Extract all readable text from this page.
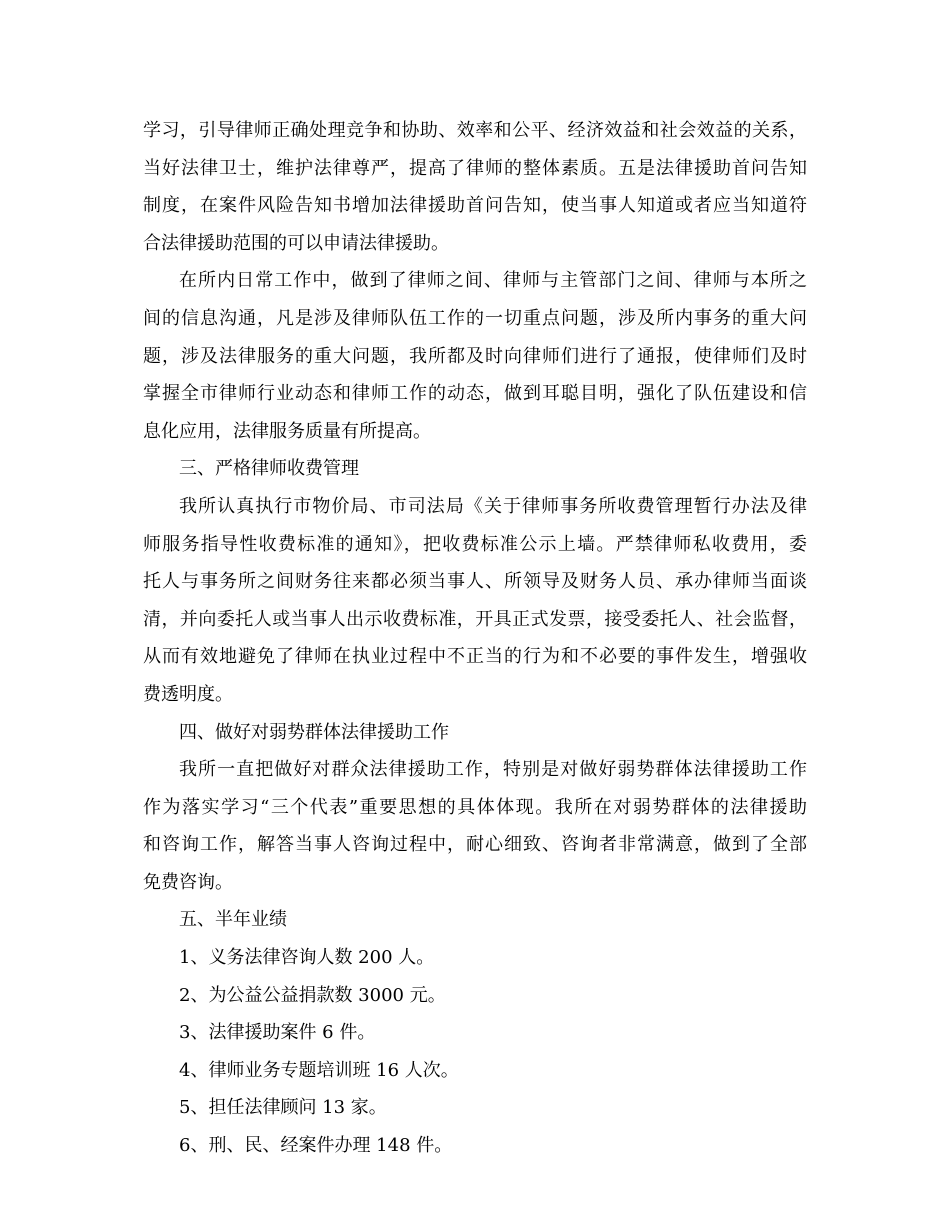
学习，引导律师正确处理竞争和协助、效率和公平、经济效益和社会效益的关系，
当好法律卫士，维护法律尊严，提高了律师的整体素质。五是法律援助首问告知
制度，在案件风险告知书增加法律援助首问告知，使当事人知道或者应当知道符
合法律援助范围的可以申请法律援助。
在所内日常工作中，做到了律师之间、律师与主管部门之间、律师与本所之
间的信息沟通，凡是涉及律师队伍工作的一切重点问题，涉及所内事务的重大问
题，涉及法律服务的重大问题，我所都及时向律师们进行了通报，使律师们及时
掌握全市律师行业动态和律师工作的动态，做到耳聪目明，强化了队伍建设和信
息化应用，法律服务质量有所提高。
三、严格律师收费管理
我所认真执行市物价局、市司法局《关于律师事务所收费管理暂行办法及律
师服务指导性收费标准的通知》，把收费标准公示上墙。严禁律师私收费用，委
托人与事务所之间财务往来都必须当事人、所领导及财务人员、承办律师当面谈
清，并向委托人或当事人出示收费标准，开具正式发票，接受委托人、社会监督，
从而有效地避免了律师在执业过程中不正当的行为和不必要的事件发生，增强收
费透明度。
四、做好对弱势群体法律援助工作
我所一直把做好对群众法律援助工作，特别是对做好弱势群体法律援助工作
作为落实学习“三个代表”重要思想的具体体现。我所在对弱势群体的法律援助
和咨询工作，解答当事人咨询过程中，耐心细致、咨询者非常满意，做到了全部
免费咨询。
五、半年业绩
1、义务法律咨询人数 200 人。
2、为公益公益捐款数 3000 元。
3、法律援助案件 6 件。
4、律师业务专题培训班 16 人次。
5、担任法律顾问 13 家。
6、刑、民、经案件办理 148 件。
